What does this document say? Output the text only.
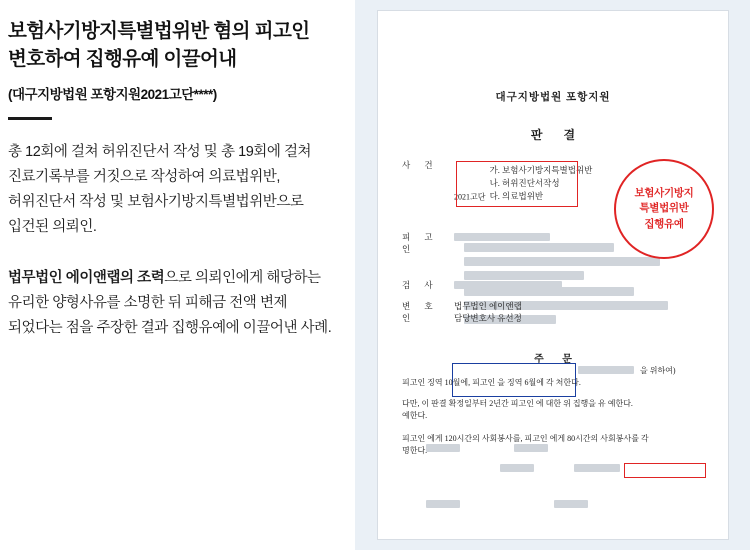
보험사기방지특별법위반 혐의 피고인
변호하여 집행유예 이끌어내
(대구지방법원 포항지원2021고단****)

총 12회에 걸쳐 허위진단서 작성 및 총 19회에 걸쳐
진료기록부를 거짓으로 작성하여 의료법위반,
허위진단서 작성 및 보험사기방지특별법위반으로
입건된 의뢰인.

법무법인 에이앤랩의 조력으로 의뢰인에게 해당하는
유리한 양형사유를 소명한 뒤 피해금 전액 변제
되었다는 점을 주장한 결과 집행유예에 이끌어낸 사례.

대구지방법원 포항지원
판 결
사 건
2021고단
가. 보험사기방지특별법위반
나. 허위진단서작성
다. 의료법위반
피 고 인
보험사기방지
특별법위반
집행유예
검 사
변 호 인
법무법인 에이앤랩
담당변호사 유선정
을 위하여)
주 문
피고인 징역 10월에, 피고인 을 징역 6월에 각 처한다.
다만, 이 판결 확정일부터 2년간 피고인 에 대한 위 집행을 유 예한다.
예한다.
피고인 에게 120시간의 사회봉사를, 피고인 에게 80시간의 사회봉사를 각
명한다.
